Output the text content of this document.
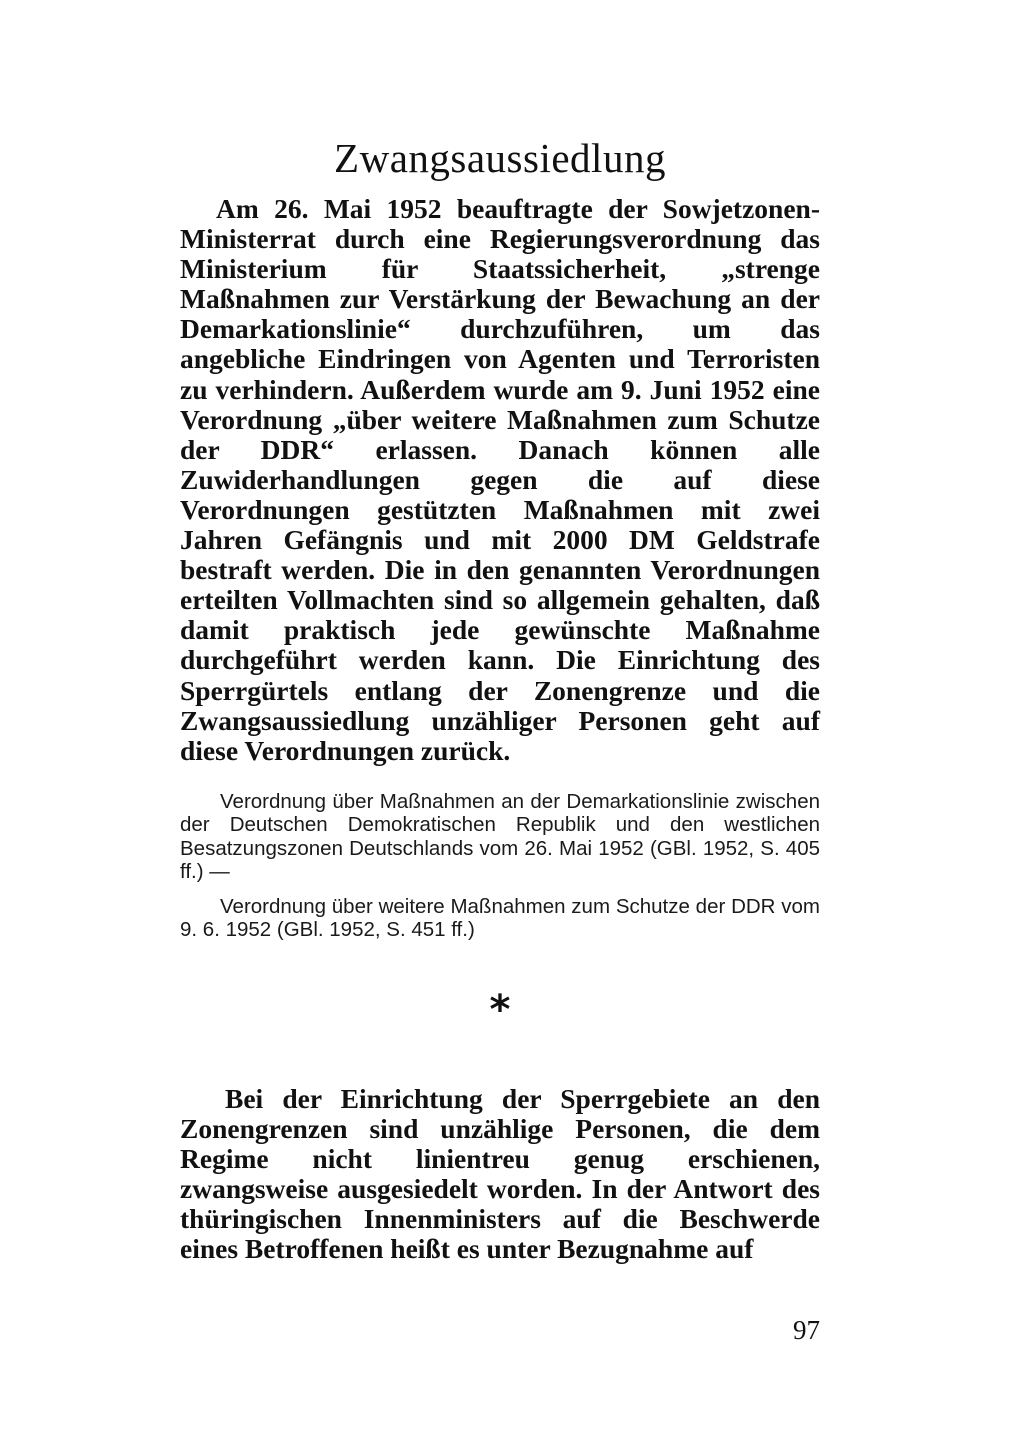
Zwangsaussiedlung

Am 26. Mai 1952 beauftragte der Sowjetzonen-Ministerrat durch eine Regierungsverordnung das Ministerium für Staatssicherheit, „strenge Maßnahmen zur Verstärkung der Bewachung an der Demarkationslinie“ durchzuführen, um das angebliche Eindringen von Agenten und Terroristen zu verhindern. Außerdem wurde am 9. Juni 1952 eine Verordnung „über weitere Maßnahmen zum Schutze der DDR“ erlassen. Danach können alle Zuwiderhandlungen gegen die auf diese Verordnungen gestützten Maßnahmen mit zwei Jahren Gefängnis und mit 2000 DM Geldstrafe bestraft werden. Die in den genannten Verordnungen erteilten Vollmachten sind so allgemein gehalten, daß damit praktisch jede gewünschte Maßnahme durchgeführt werden kann. Die Einrichtung des Sperrgürtels entlang der Zonengrenze und die Zwangsaussiedlung unzähliger Personen geht auf diese Verordnungen zurück.

Verordnung über Maßnahmen an der Demarkationslinie zwischen der Deutschen Demokratischen Republik und den westlichen Besatzungszonen Deutschlands vom 26. Mai 1952 (GBl. 1952, S. 405 ff.) —

Verordnung über weitere Maßnahmen zum Schutze der DDR vom 9. 6. 1952 (GBl. 1952, S. 451 ff.)

*

Bei der Einrichtung der Sperrgebiete an den Zonengrenzen sind unzählige Personen, die dem Regime nicht linientreu genug erschienen, zwangsweise ausgesiedelt worden. In der Antwort des thüringischen Innenministers auf die Beschwerde eines Betroffenen heißt es unter Bezugnahme auf

97
